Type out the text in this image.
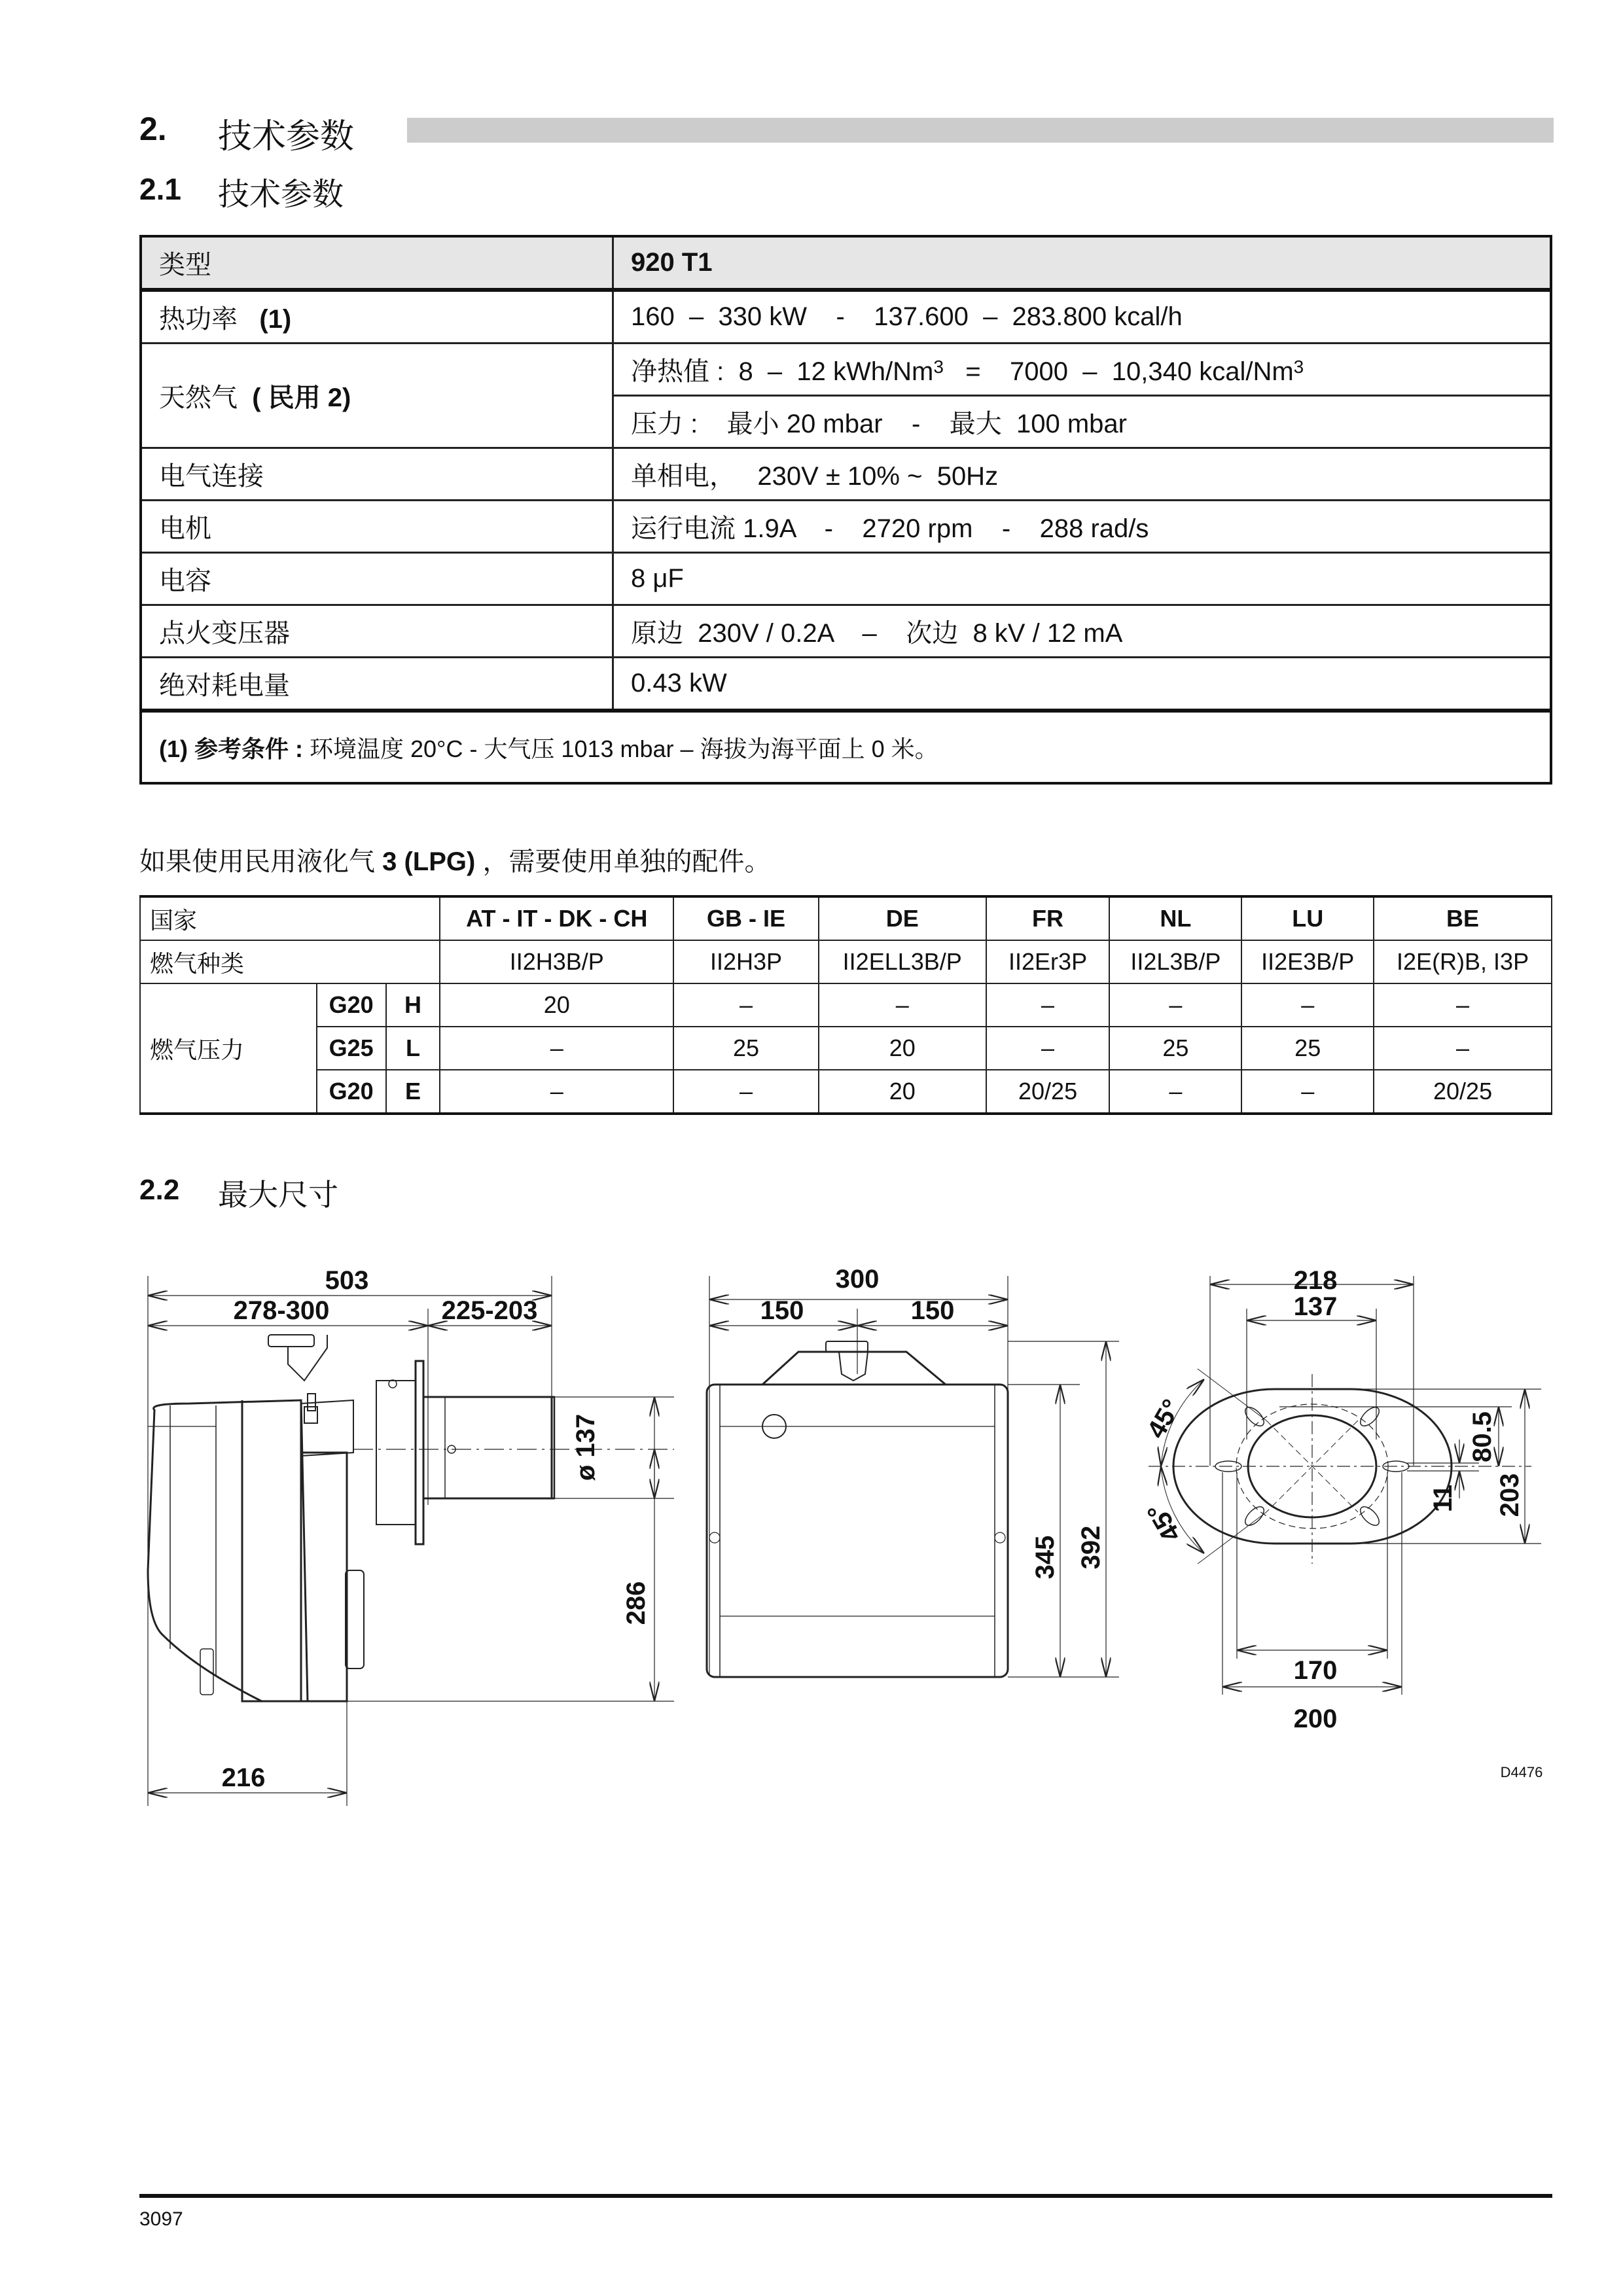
2. 技术参数
2.1 技术参数
类型	920 T1
热功率 (1)	160  –  330 kW    -    137.600  –  283.800 kcal/h
天然气 ( 民用 2)	净热值 :  8  –  12 kWh/Nm$^3$   =    7000  –  10,340 kcal/Nm$^3$
	压力 :    最小 20 mbar    -    最大  100 mbar
电气连接	单相电，   230V ± 10% ~  50Hz
电机	运行电流 1.9A    -    2720 rpm    -    288 rad/s
电容	8 μF
点火变压器	原边  230V / 0.2A    –    次边  8 kV / 12 mA
绝对耗电量	0.43 kW
(1) 参考条件 : 环境温度 20°C - 大气压 1013 mbar – 海拔为海平面上 0 米。	
如果使用民用液化气 3 (LPG) ，需要使用单独的配件。
国家			AT - IT - DK - CH	GB - IE	DE	FR	NL	LU	BE
燃气种类			II2H3B/P	II2H3P	II2ELL3B/P	II2Er3P	II2L3B/P	II2E3B/P	I2E(R)B, I3P
燃气压力	G20	H	20	–	–	–	–	–	–
	G25	L	–	25	20	–	25	25	–
	G20	E	–	–	20	20/25	–	–	20/25
2.2 最大尺寸
503
278-300	225-203
216
ø 137
286
300
150	150
345 392
218
137
170
200
45°
45°
80.5
11 203
D4476
3097
